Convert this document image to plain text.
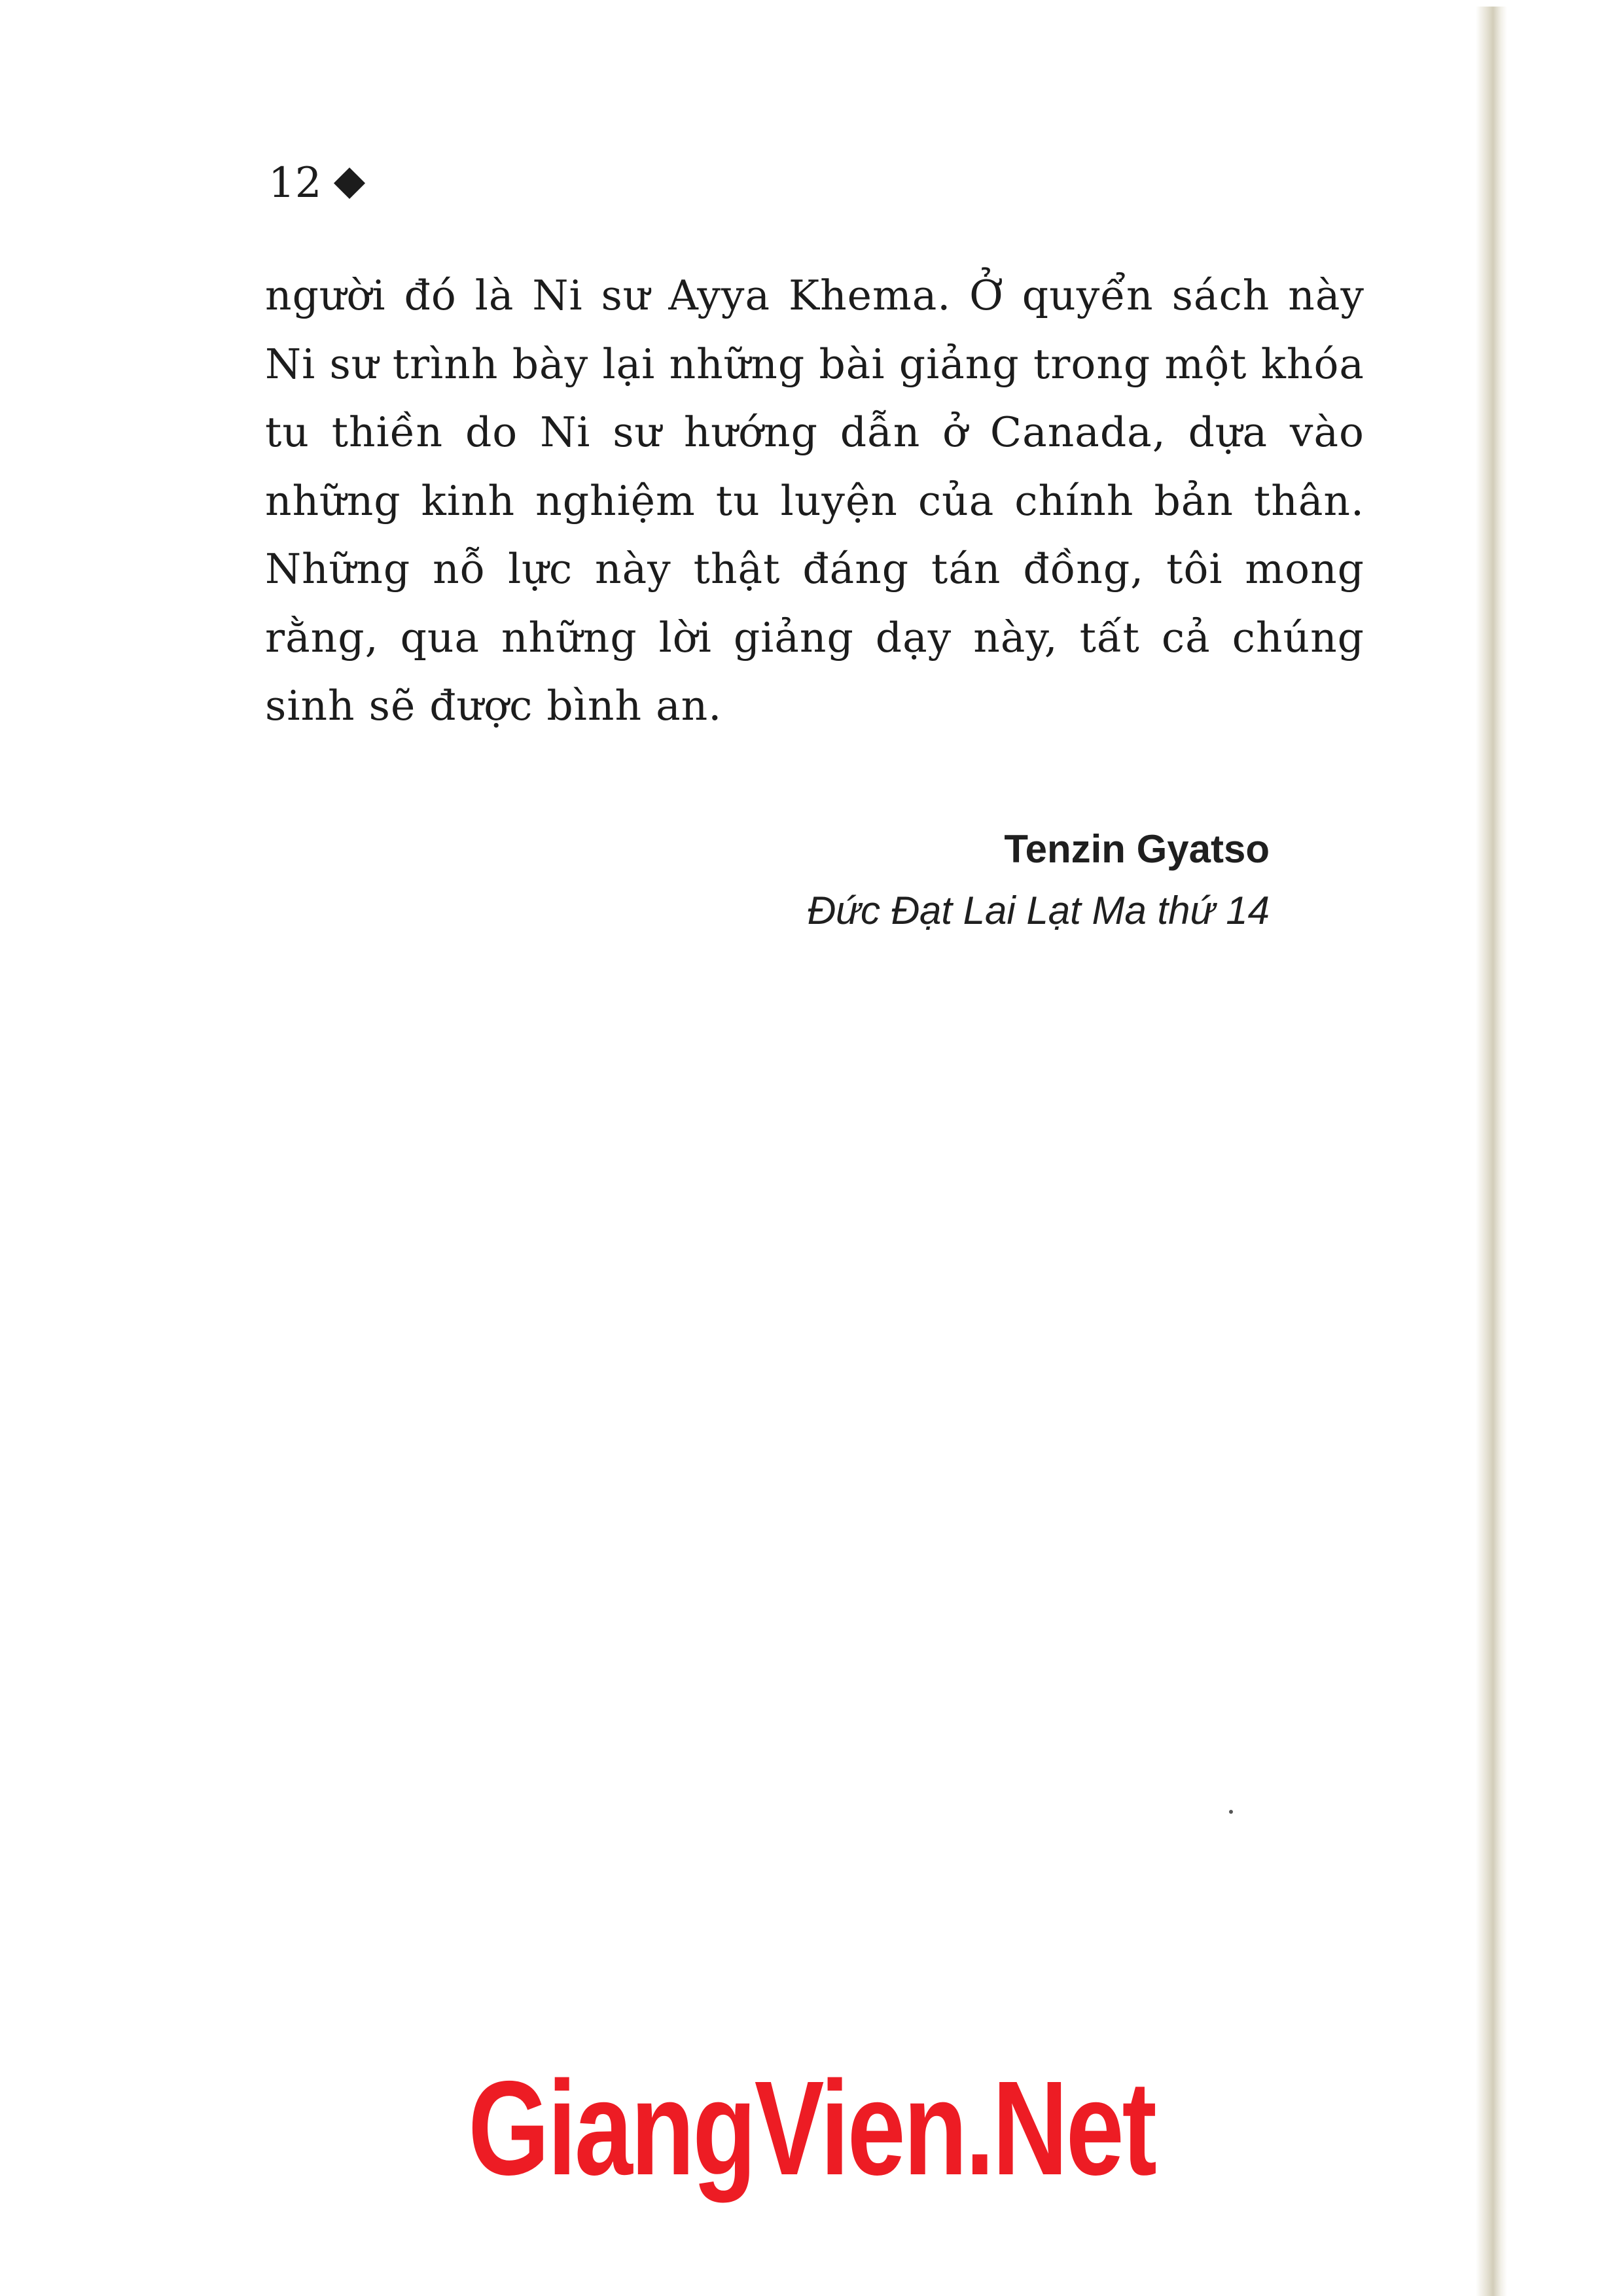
12

người đó là Ni sư Ayya Khema. Ở quyển sách này
Ni sư trình bày lại những bài giảng trong một khóa
tu thiền do Ni sư hướng dẫn ở Canada, dựa vào
những kinh nghiệm tu luyện của chính bản thân.
Những nỗ lực này thật đáng tán đồng, tôi mong
rằng, qua những lời giảng dạy này, tất cả chúng
sinh sẽ được bình an.

Tenzin Gyatso
Đức Đạt Lai Lạt Ma thứ 14
GiangVien.Net
